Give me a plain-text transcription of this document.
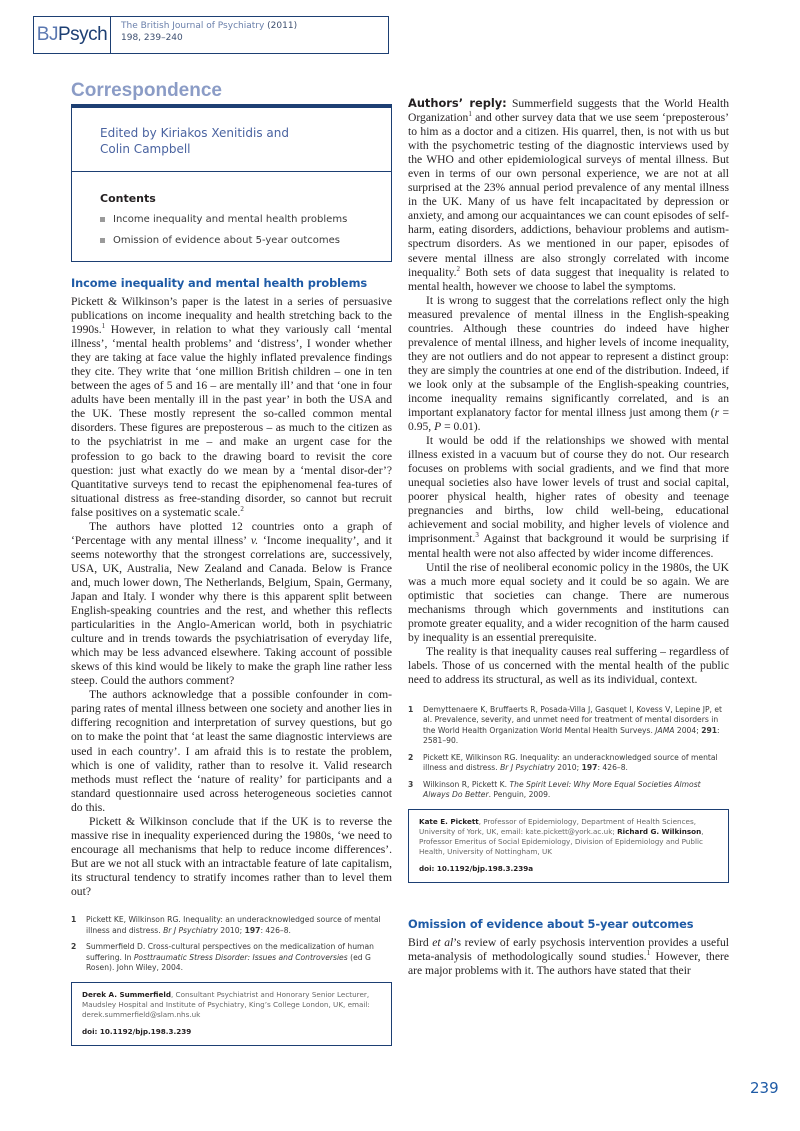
BJ Psych The British Journal of Psychiatry (2011)
198, 239–240
Correspondence
Edited by Kiriakos Xenitidis and
Colin Campbell
Contents
Income inequality and mental health problems
Omission of evidence about 5-year outcomes
Income inequality and mental health problems
Pickett & Wilkinson’s paper is the latest in a series of persuasive publications on income inequality and health stretching back to the 1990s.$^1$ However, in relation to what they variously call ‘mental illness’, ‘mental health problems’ and ‘distress’, I wonder whether they are taking at face value the highly inflated prevalence findings they cite. They write that ‘one million British children – one in ten between the ages of 5 and 16 – are mentally ill’ and that ‘one in four adults have been mentally ill in the past year’ in both the USA and the UK. These mostly represent the so-called common mental disorders. These figures are preposterous – as much to the citizen as to the psychiatrist in me – and make an urgent case for the profession to go back to the drawing board to revisit the core question: just what exactly do we mean by a ‘mental disor-der’? Quantitative surveys tend to recast the epiphenomenal fea-tures of situational distress as free-standing disorder, so cannot but recruit false positives on a systematic scale.$^2$
The authors have plotted 12 countries onto a graph of ‘Percentage with any mental illness’ v. ‘Income inequality’, and it seems noteworthy that the strongest correlations are, successively, USA, UK, Australia, New Zealand and Canada. Below is France and, much lower down, The Netherlands, Belgium, Spain, Germany, Japan and Italy. I wonder why there is this apparent split between English-speaking countries and the rest, and whether this reflects particularities in the Anglo-American world, both in psychiatric culture and in trends towards the psychiatrisation of everyday life, which may be less advanced elsewhere. Taking account of possible skews of this kind would be likely to make the graph line rather less steep. Could the authors comment?
The authors acknowledge that a possible confounder in com-paring rates of mental illness between one society and another lies in differing recognition and interpretation of survey questions, but go on to make the point that ‘at least the same diagnostic interviews are used in each country’. I am afraid this is to restate the problem, which is one of validity, rather than to resolve it. Valid research methods must reflect the ‘nature of reality’ for participants and a standard questionnaire used across heterogeneous societies cannot do this.
Pickett & Wilkinson conclude that if the UK is to reverse the massive rise in inequality experienced during the 1980s, ‘we need to encourage all mechanisms that help to reduce income differences’. But are we not all stuck with an intractable feature of late capitalism, its structural tendency to stratify incomes rather than to level them out?
1	Pickett KE, Wilkinson RG. Inequality: an underacknowledged source of mental illness and distress. Br J Psychiatry 2010; 197: 426–8.
2	Summerfield D. Cross-cultural perspectives on the medicalization of human suffering. In Posttraumatic Stress Disorder: Issues and Controversies (ed G Rosen). John Wiley, 2004.
Derek A. Summerfield, Consultant Psychiatrist and Honorary Senior Lecturer, Maudsley Hospital and Institute of Psychiatry, King’s College London, UK, email: derek.summerfield@slam.nhs.uk
doi: 10.1192/bjp.198.3.239
Authors’ reply: Summerfield suggests that the World Health Organization$^1$ and other survey data that we use seem ‘preposterous’ to him as a doctor and a citizen. His quarrel, then, is not with us but with the psychometric testing of the diagnostic interviews used by the WHO and other epidemiological surveys of mental illness. But even in terms of our own personal experience, we are not at all surprised at the 23% annual period prevalence of any mental illness in the UK. Many of us have felt incapacitated by depression or anxiety, and among our acquaintances we can count episodes of self-harm, eating disorders, addictions, behaviour problems and autism-spectrum disorders. As we mentioned in our paper, episodes of severe mental illness are also strongly correlated with income inequality.$^2$ Both sets of data suggest that inequality is related to mental health, however we choose to label the symptoms.
It is wrong to suggest that the correlations reflect only the high measured prevalence of mental illness in the English-speaking countries. Although these countries do indeed have higher prevalence of mental illness, and higher levels of income inequality, they are not outliers and do not appear to represent a distinct group: they are simply the countries at one end of the distribution. Indeed, if we look only at the subsample of the English-speaking countries, income inequality remains significantly correlated, and is an important explanatory factor for mental illness just among them (r = 0.95, P = 0.01).
It would be odd if the relationships we showed with mental illness existed in a vacuum but of course they do not. Our research focuses on problems with social gradients, and we find that more unequal societies also have lower levels of trust and social capital, poorer physical health, higher rates of obesity and teenage pregnancies and births, low child well-being, educational achievement and social mobility, and higher levels of violence and imprisonment.$^3$ Against that background it would be surprising if mental health were not also affected by wider income differences.
Until the rise of neoliberal economic policy in the 1980s, the UK was a much more equal society and it could be so again. We are optimistic that societies can change. There are numerous mechanisms through which governments and institutions can promote greater equality, and a wider recognition of the harm caused by inequality is an essential prerequisite.
The reality is that inequality causes real suffering – regardless of labels. Those of us concerned with the mental health of the public need to address its structural, as well as its individual, context.
1	Demyttenaere K, Bruffaerts R, Posada-Villa J, Gasquet I, Kovess V, Lepine JP, et al. Prevalence, severity, and unmet need for treatment of mental disorders in the World Health Organization World Mental Health Surveys. JAMA 2004; 291: 2581–90.
2	Pickett KE, Wilkinson RG. Inequality: an underacknowledged source of mental illness and distress. Br J Psychiatry 2010; 197: 426–8.
3	Wilkinson R, Pickett K. The Spirit Level: Why More Equal Societies Almost Always Do Better. Penguin, 2009.
Kate E. Pickett, Professor of Epidemiology, Department of Health Sciences, University of York, UK, email: kate.pickett@york.ac.uk; Richard G. Wilkinson, Professor Emeritus of Social Epidemiology, Division of Epidemiology and Public Health, University of Nottingham, UK
doi: 10.1192/bjp.198.3.239a
Omission of evidence about 5-year outcomes
Bird et al’s review of early psychosis intervention provides a useful meta-analysis of methodologically sound studies.$^1$ However, there are major problems with it. The authors have stated that their
239
